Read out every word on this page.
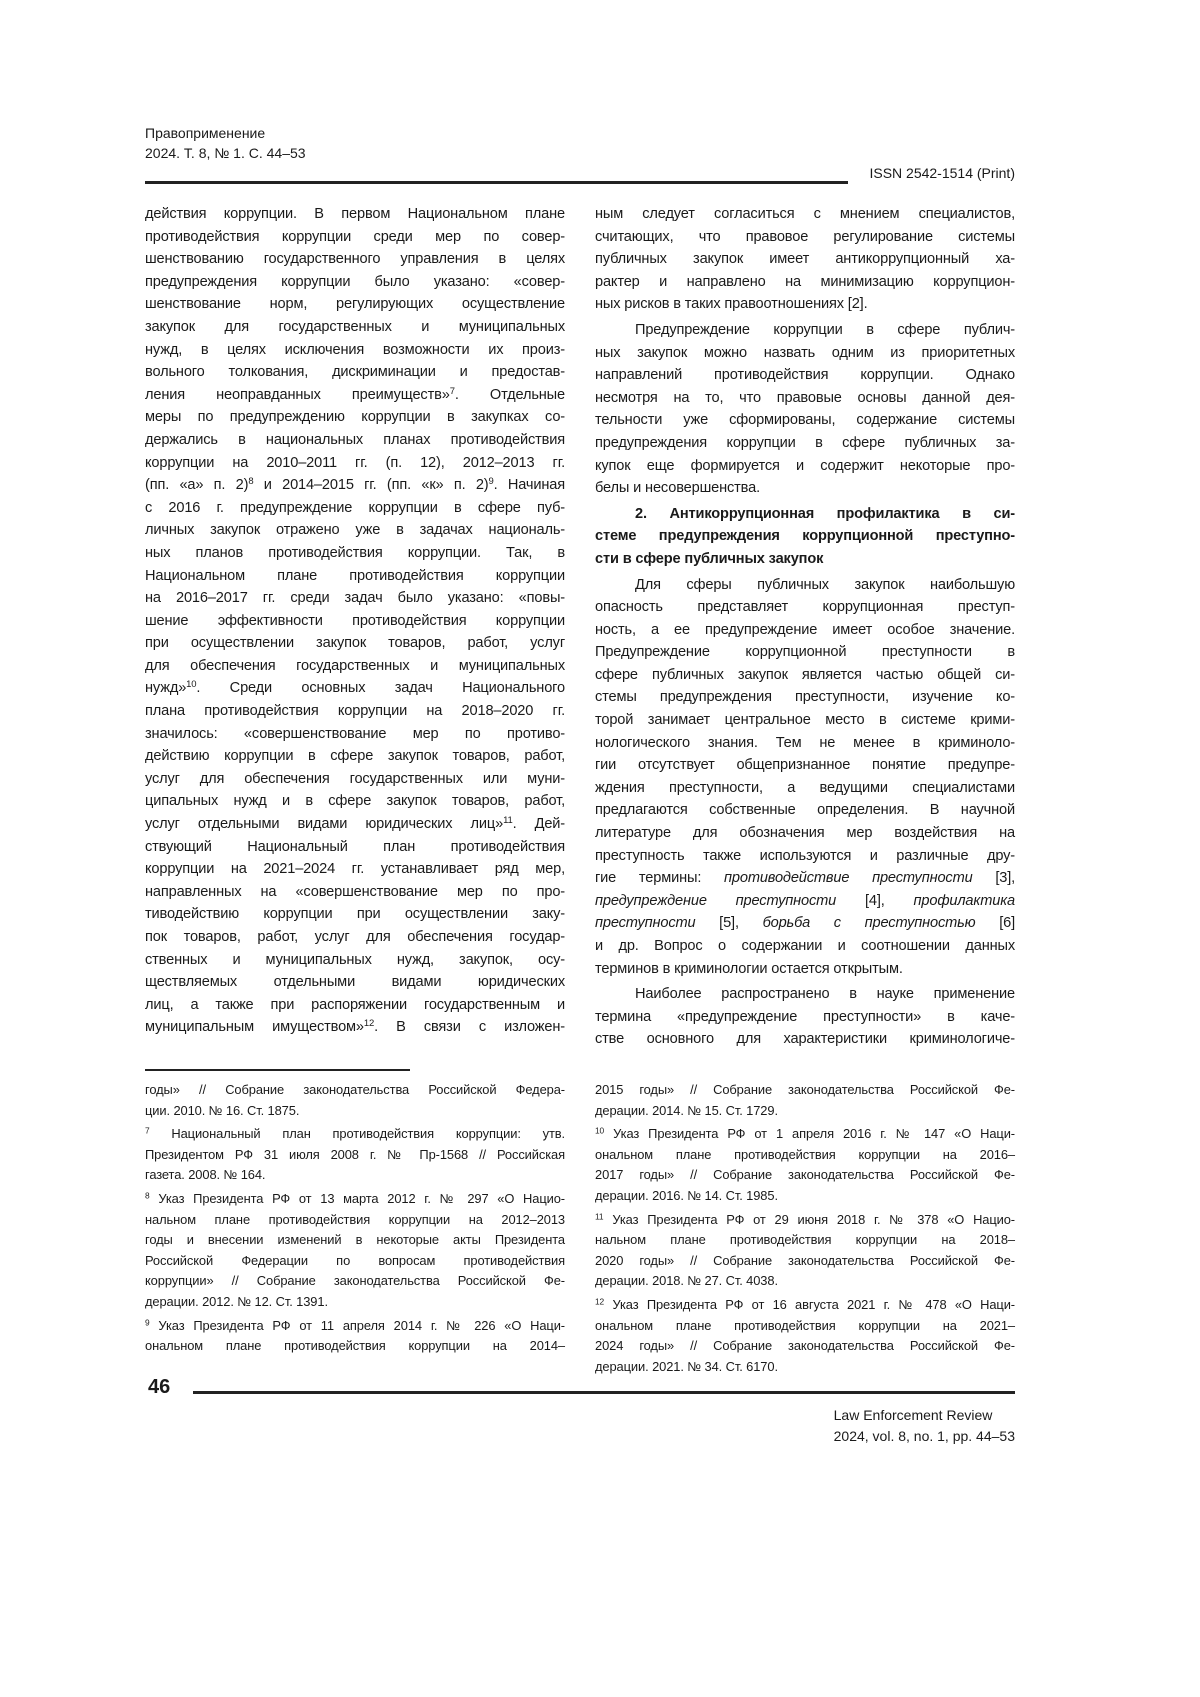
Правоприменение
2024. Т. 8, № 1. С. 44–53
ISSN 2542-1514 (Print)
действия коррупции. В первом Национальном плане
противодействия коррупции среди мер по совер-
шенствованию государственного управления в целях
предупреждения коррупции было указано: «совер-
шенствование норм, регулирующих осуществление
закупок для государственных и муниципальных
нужд, в целях исключения возможности их произ-
вольного толкования, дискриминации и предостав-
ления неоправданных преимуществ»7. Отдельные
меры по предупреждению коррупции в закупках со-
держались в национальных планах противодействия
коррупции на 2010–2011 гг. (п. 12), 2012–2013 гг.
(пп. «а» п. 2)8 и 2014–2015 гг. (пп. «к» п. 2)9. Начиная
с 2016 г. предупреждение коррупции в сфере пуб-
личных закупок отражено уже в задачах националь-
ных планов противодействия коррупции. Так, в
Национальном плане противодействия коррупции
на 2016–2017 гг. среди задач было указано: «повы-
шение эффективности противодействия коррупции
при осуществлении закупок товаров, работ, услуг
для обеспечения государственных и муниципальных
нужд»10. Среди основных задач Национального
плана противодействия коррупции на 2018–2020 гг.
значилось: «совершенствование мер по противо-
действию коррупции в сфере закупок товаров, работ,
услуг для обеспечения государственных или муни-
ципальных нужд и в сфере закупок товаров, работ,
услуг отдельными видами юридических лиц»11. Дей-
ствующий Национальный план противодействия
коррупции на 2021–2024 гг. устанавливает ряд мер,
направленных на «совершенствование мер по про-
тиводействию коррупции при осуществлении заку-
пок товаров, работ, услуг для обеспечения государ-
ственных и муниципальных нужд, закупок, осу-
ществляемых отдельными видами юридических
лиц, а также при распоряжении государственным и
муниципальным имуществом»12. В связи с изложен-
ным следует согласиться с мнением специалистов,
считающих, что правовое регулирование системы
публичных закупок имеет антикоррупционный ха-
рактер и направлено на минимизацию коррупцион-
ных рисков в таких правоотношениях [2].
Предупреждение коррупции в сфере публич-
ных закупок можно назвать одним из приоритетных
направлений противодействия коррупции. Однако
несмотря на то, что правовые основы данной дея-
тельности уже сформированы, содержание системы
предупреждения коррупции в сфере публичных за-
купок еще формируется и содержит некоторые про-
белы и несовершенства.
2. Антикоррупционная профилактика в си-
стеме предупреждения коррупционной преступно-
сти в сфере публичных закупок
Для сферы публичных закупок наибольшую
опасность представляет коррупционная преступ-
ность, а ее предупреждение имеет особое значение.
Предупреждение коррупционной преступности в
сфере публичных закупок является частью общей си-
стемы предупреждения преступности, изучение ко-
торой занимает центральное место в системе крими-
нологического знания. Тем не менее в криминоло-
гии отсутствует общепризнанное понятие предупре-
ждения преступности, а ведущими специалистами
предлагаются собственные определения. В научной
литературе для обозначения мер воздействия на
преступность также используются и различные дру-
гие термины: противодействие преступности [3],
предупреждение преступности [4], профилактика
преступности [5], борьба с преступностью [6]
и др. Вопрос о содержании и соотношении данных
терминов в криминологии остается открытым.
Наиболее распространено в науке применение
термина «предупреждение преступности» в каче-
стве основного для характеристики криминологиче-
годы» // Собрание законодательства Российской Федера-
ции. 2010. № 16. Ст. 1875.
7 Национальный план противодействия коррупции: утв.
Президентом РФ 31 июля 2008 г. № Пр-1568 // Российская
газета. 2008. № 164.
8 Указ Президента РФ от 13 марта 2012 г. № 297 «О Нацио-
нальном плане противодействия коррупции на 2012–2013
годы и внесении изменений в некоторые акты Президента
Российской Федерации по вопросам противодействия
коррупции» // Собрание законодательства Российской Фе-
дерации. 2012. № 12. Ст. 1391.
9 Указ Президента РФ от 11 апреля 2014 г. № 226 «О Наци-
ональном плане противодействия коррупции на 2014–
2015 годы» // Собрание законодательства Российской Фе-
дерации. 2014. № 15. Ст. 1729.
10 Указ Президента РФ от 1 апреля 2016 г. № 147 «О Наци-
ональном плане противодействия коррупции на 2016–
2017 годы» // Собрание законодательства Российской Фе-
дерации. 2016. № 14. Ст. 1985.
11 Указ Президента РФ от 29 июня 2018 г. № 378 «О Нацио-
нальном плане противодействия коррупции на 2018–
2020 годы» // Собрание законодательства Российской Фе-
дерации. 2018. № 27. Ст. 4038.
12 Указ Президента РФ от 16 августа 2021 г. № 478 «О Наци-
ональном плане противодействия коррупции на 2021–
2024 годы» // Собрание законодательства Российской Фе-
дерации. 2021. № 34. Ст. 6170.
46
Law Enforcement Review
2024, vol. 8, no. 1, pp. 44–53
